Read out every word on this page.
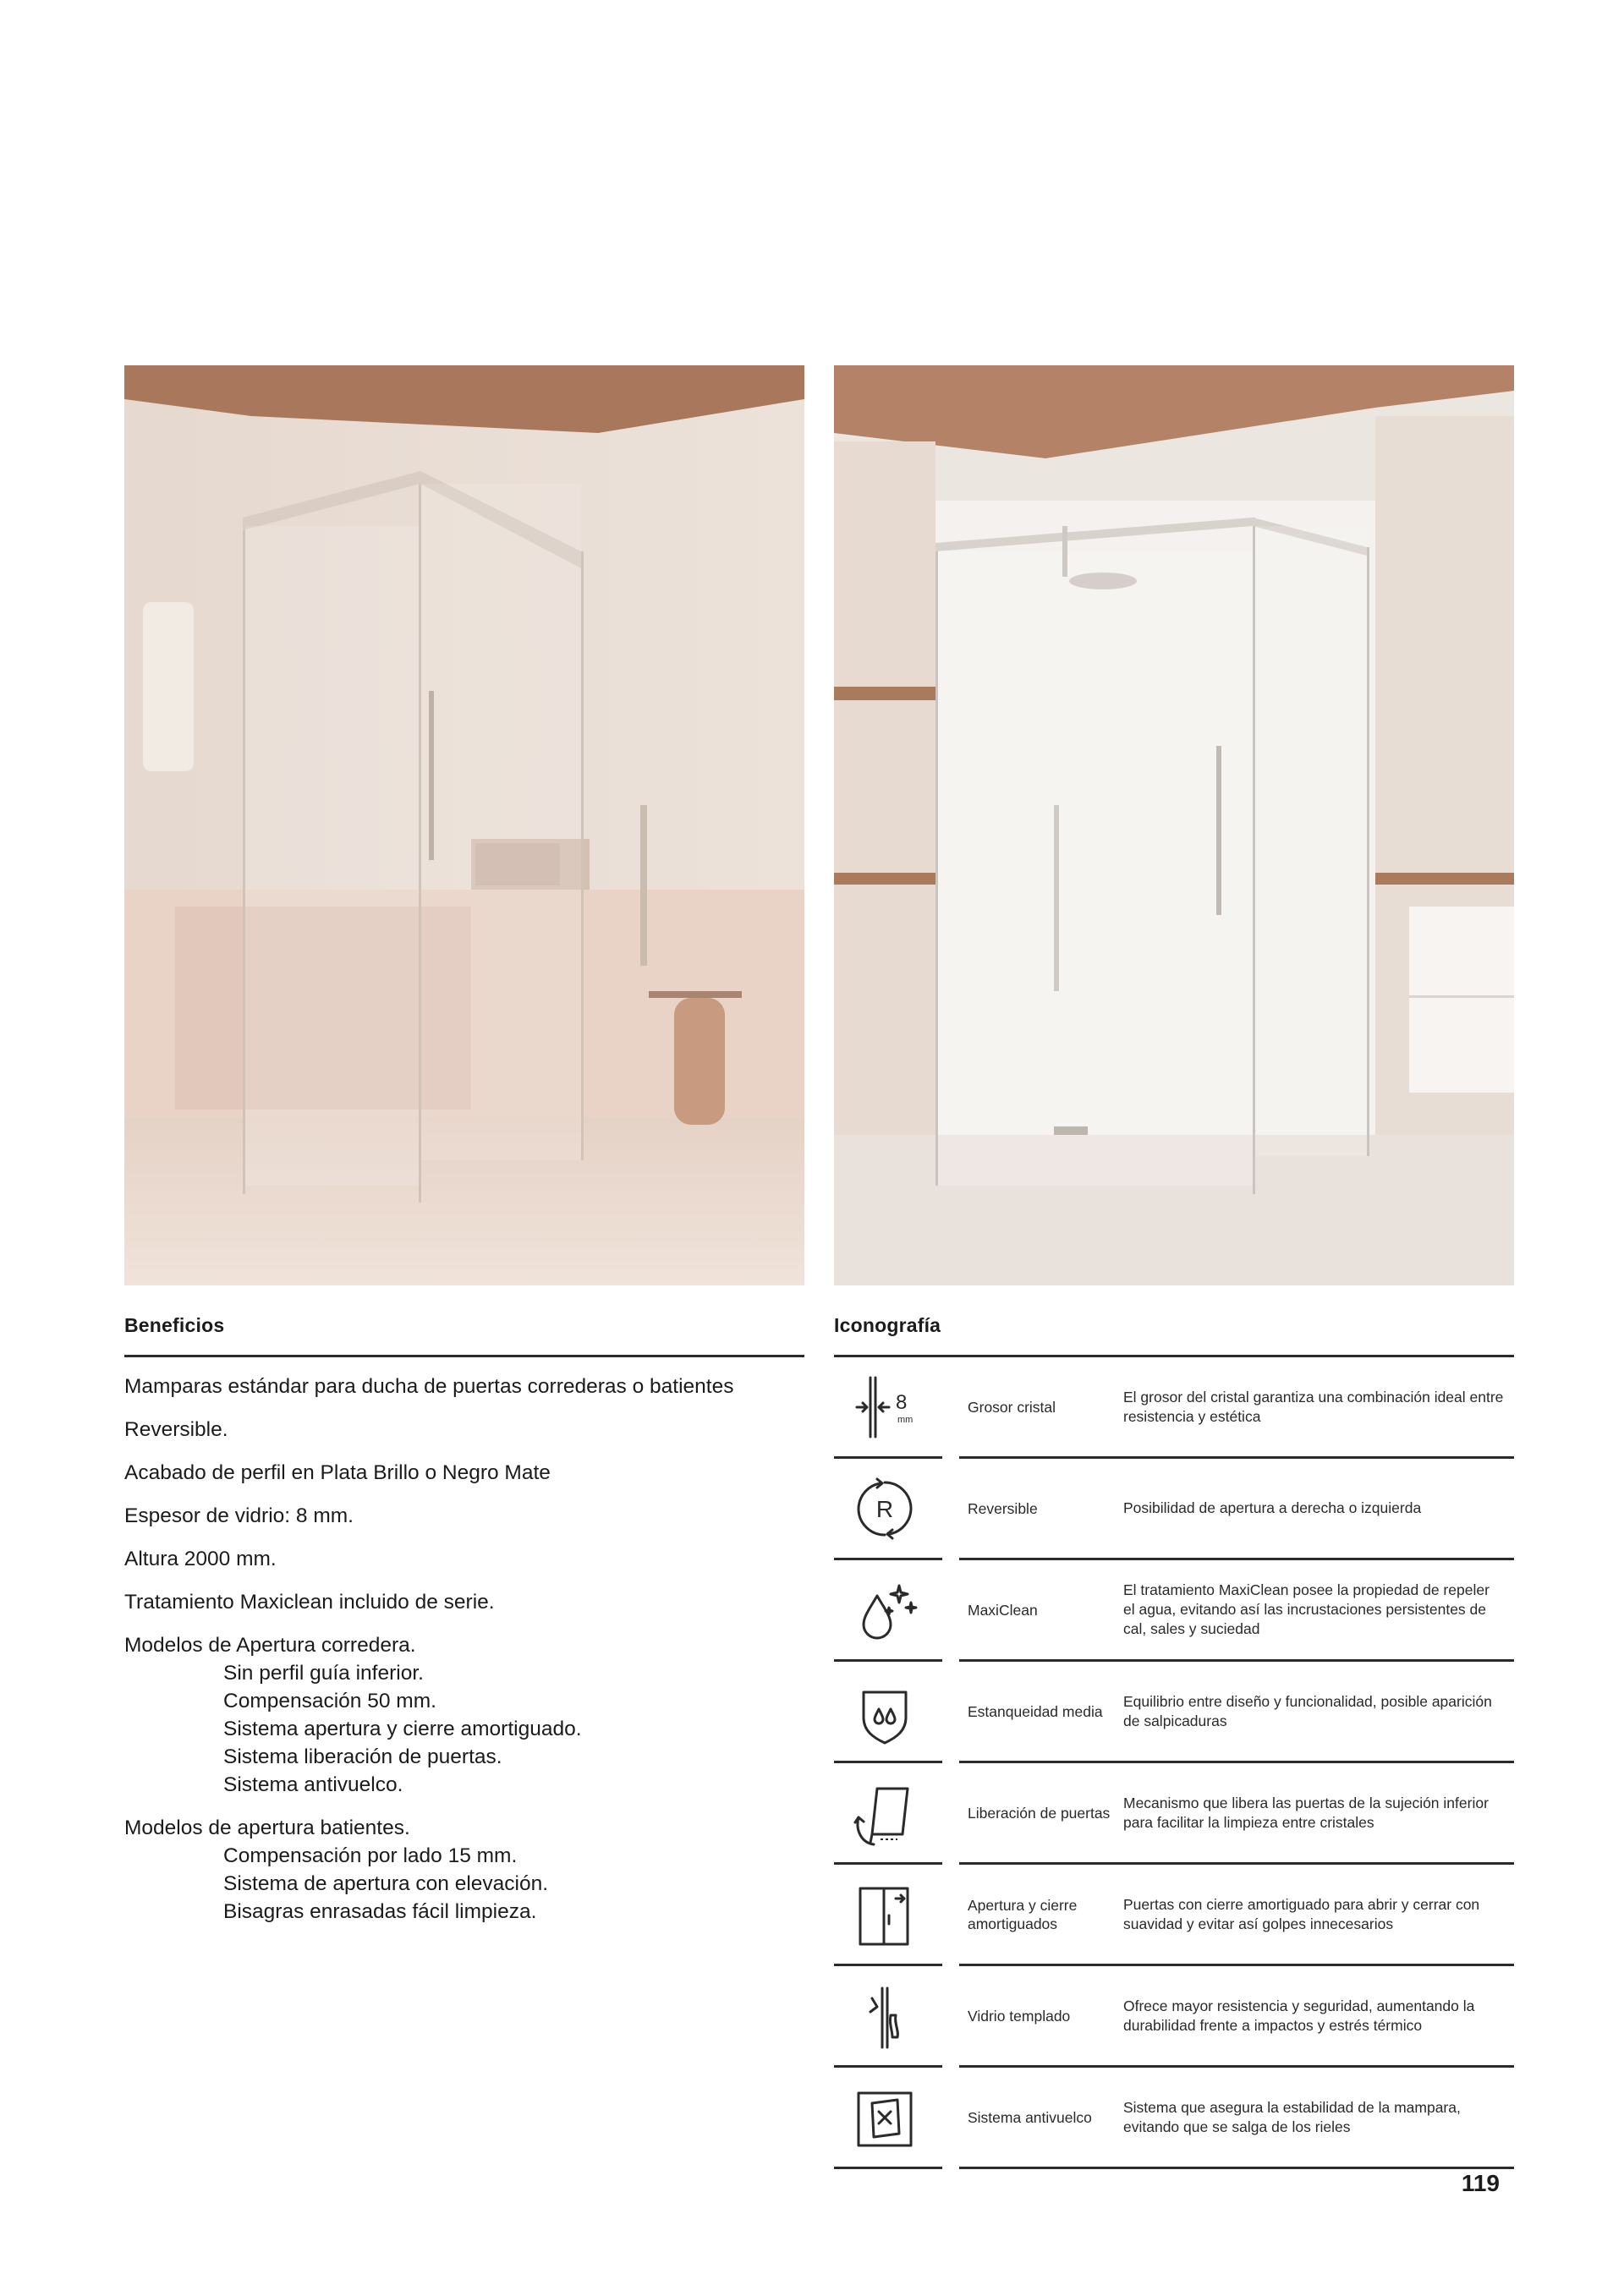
Beneficios
Mamparas estándar para ducha de puertas correderas o batientes
Reversible.
Acabado de perfil en Plata Brillo o Negro Mate
Espesor de vidrio: 8 mm.
Altura 2000 mm.
Tratamiento Maxiclean incluido de serie.
Modelos de Apertura corredera.
Sin perfil guía inferior.
Compensación 50 mm.
Sistema apertura y cierre amortiguado.
Sistema liberación de puertas.
Sistema antivuelco.
Modelos de apertura batientes.
Compensación por lado 15 mm.
Sistema de apertura con elevación.
Bisagras enrasadas fácil limpieza.
Iconografía
8
mm
Grosor cristal
El grosor del cristal garantiza una combinación ideal entre resistencia y estética
R	Reversible	Posibilidad de apertura a derecha o izquierda
MaxiClean
El tratamiento MaxiClean posee la propiedad de repeler el agua, evitando así las incrustaciones persistentes de cal, sales y suciedad
Estanqueidad media
Equilibrio entre diseño y funcionalidad, posible aparición de salpicaduras
Liberación de puertas
Mecanismo que libera las puertas de la sujeción inferior para facilitar la limpieza entre cristales
Apertura y cierre amortiguados
Puertas con cierre amortiguado para abrir y cerrar con suavidad y evitar así golpes innecesarios
Vidrio templado
Ofrece mayor resistencia y seguridad, aumentando la durabilidad frente a impactos y estrés térmico
Sistema antivuelco
Sistema que asegura la estabilidad de la mampara, evitando que se salga de los rieles
119
